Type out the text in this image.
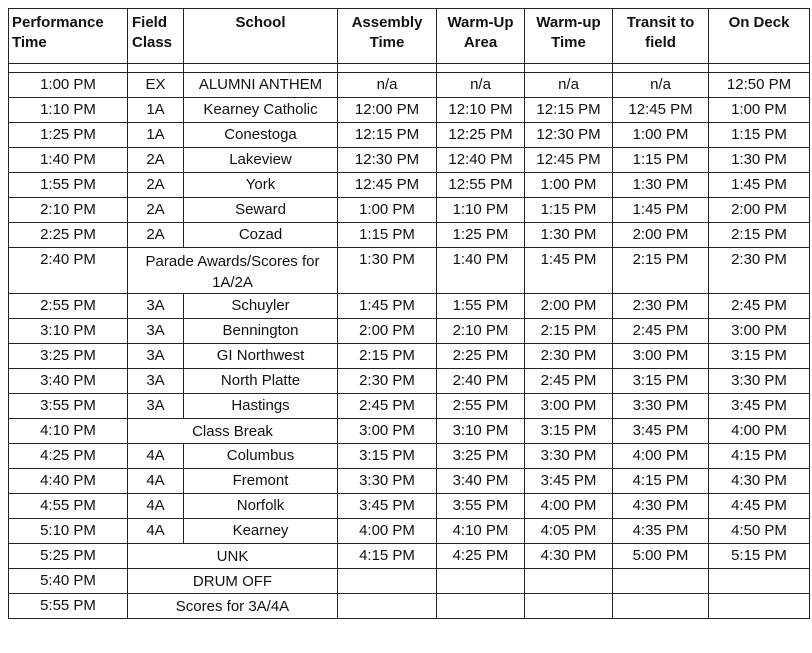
Performance Time	Field Class	School	Assembly Time	Warm-Up Area	Warm-up Time	Transit to field	On Deck

1:00 PM	EX	ALUMNI ANTHEM	n/a	n/a	n/a	n/a	12:50 PM
1:10 PM	1A	Kearney Catholic	12:00 PM	12:10 PM	12:15 PM	12:45 PM	1:00 PM
1:25 PM	1A	Conestoga	12:15 PM	12:25 PM	12:30 PM	1:00 PM	1:15 PM
1:40 PM	2A	Lakeview	12:30 PM	12:40 PM	12:45 PM	1:15 PM	1:30 PM
1:55 PM	2A	York	12:45 PM	12:55 PM	1:00 PM	1:30 PM	1:45 PM
2:10 PM	2A	Seward	1:00 PM	1:10 PM	1:15 PM	1:45 PM	2:00 PM
2:25 PM	2A	Cozad	1:15 PM	1:25 PM	1:30 PM	2:00 PM	2:15 PM
2:40 PM	Parade Awards/Scores for 1A/2A		1:30 PM	1:40 PM	1:45 PM	2:15 PM	2:30 PM
2:55 PM	3A	Schuyler	1:45 PM	1:55 PM	2:00 PM	2:30 PM	2:45 PM
3:10 PM	3A	Bennington	2:00 PM	2:10 PM	2:15 PM	2:45 PM	3:00 PM
3:25 PM	3A	GI Northwest	2:15 PM	2:25 PM	2:30 PM	3:00 PM	3:15 PM
3:40 PM	3A	North Platte	2:30 PM	2:40 PM	2:45 PM	3:15 PM	3:30 PM
3:55 PM	3A	Hastings	2:45 PM	2:55 PM	3:00 PM	3:30 PM	3:45 PM
4:10 PM	Class Break		3:00 PM	3:10 PM	3:15 PM	3:45 PM	4:00 PM
4:25 PM	4A	Columbus	3:15 PM	3:25 PM	3:30 PM	4:00 PM	4:15 PM
4:40 PM	4A	Fremont	3:30 PM	3:40 PM	3:45 PM	4:15 PM	4:30 PM
4:55 PM	4A	Norfolk	3:45 PM	3:55 PM	4:00 PM	4:30 PM	4:45 PM
5:10 PM	4A	Kearney	4:00 PM	4:10 PM	4:05 PM	4:35 PM	4:50 PM
5:25 PM	UNK		4:15 PM	4:25 PM	4:30 PM	5:00 PM	5:15 PM
5:40 PM	DRUM OFF						
5:55 PM	Scores for 3A/4A						
